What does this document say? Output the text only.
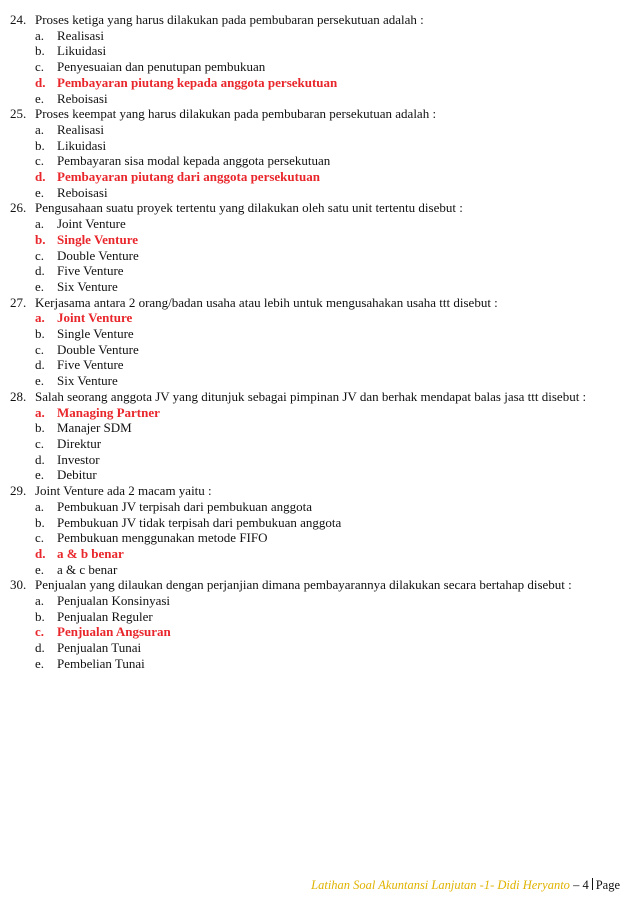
24. Proses ketiga yang harus dilakukan pada pembubaran persekutuan adalah :
a. Realisasi
b. Likuidasi
c. Penyesuaian dan penutupan pembukuan
d. Pembayaran piutang kepada anggota persekutuan
e. Reboisasi
25. Proses keempat yang harus dilakukan pada pembubaran persekutuan adalah :
a. Realisasi
b. Likuidasi
c. Pembayaran sisa modal kepada anggota persekutuan
d. Pembayaran piutang dari anggota persekutuan
e. Reboisasi
26. Pengusahaan suatu proyek tertentu yang dilakukan oleh satu unit tertentu disebut :
a. Joint Venture
b. Single Venture
c. Double Venture
d. Five Venture
e. Six Venture
27. Kerjasama antara 2 orang/badan usaha atau lebih untuk mengusahakan usaha ttt disebut :
a. Joint Venture
b. Single Venture
c. Double Venture
d. Five Venture
e. Six Venture
28. Salah seorang anggota JV yang ditunjuk sebagai pimpinan JV dan berhak mendapat balas jasa ttt disebut :
a. Managing Partner
b. Manajer SDM
c. Direktur
d. Investor
e. Debitur
29. Joint Venture ada 2 macam yaitu :
a. Pembukuan JV terpisah dari pembukuan anggota
b. Pembukuan JV tidak terpisah dari pembukuan anggota
c. Pembukuan menggunakan metode FIFO
d. a & b benar
e. a & c benar
30. Penjualan yang dilaukan dengan perjanjian dimana pembayarannya dilakukan secara bertahap disebut :
a. Penjualan Konsinyasi
b. Penjualan Reguler
c. Penjualan Angsuran
d. Penjualan Tunai
e. Pembelian Tunai
Latihan Soal Akuntansi Lanjutan -1- Didi Heryanto – 4 Page
